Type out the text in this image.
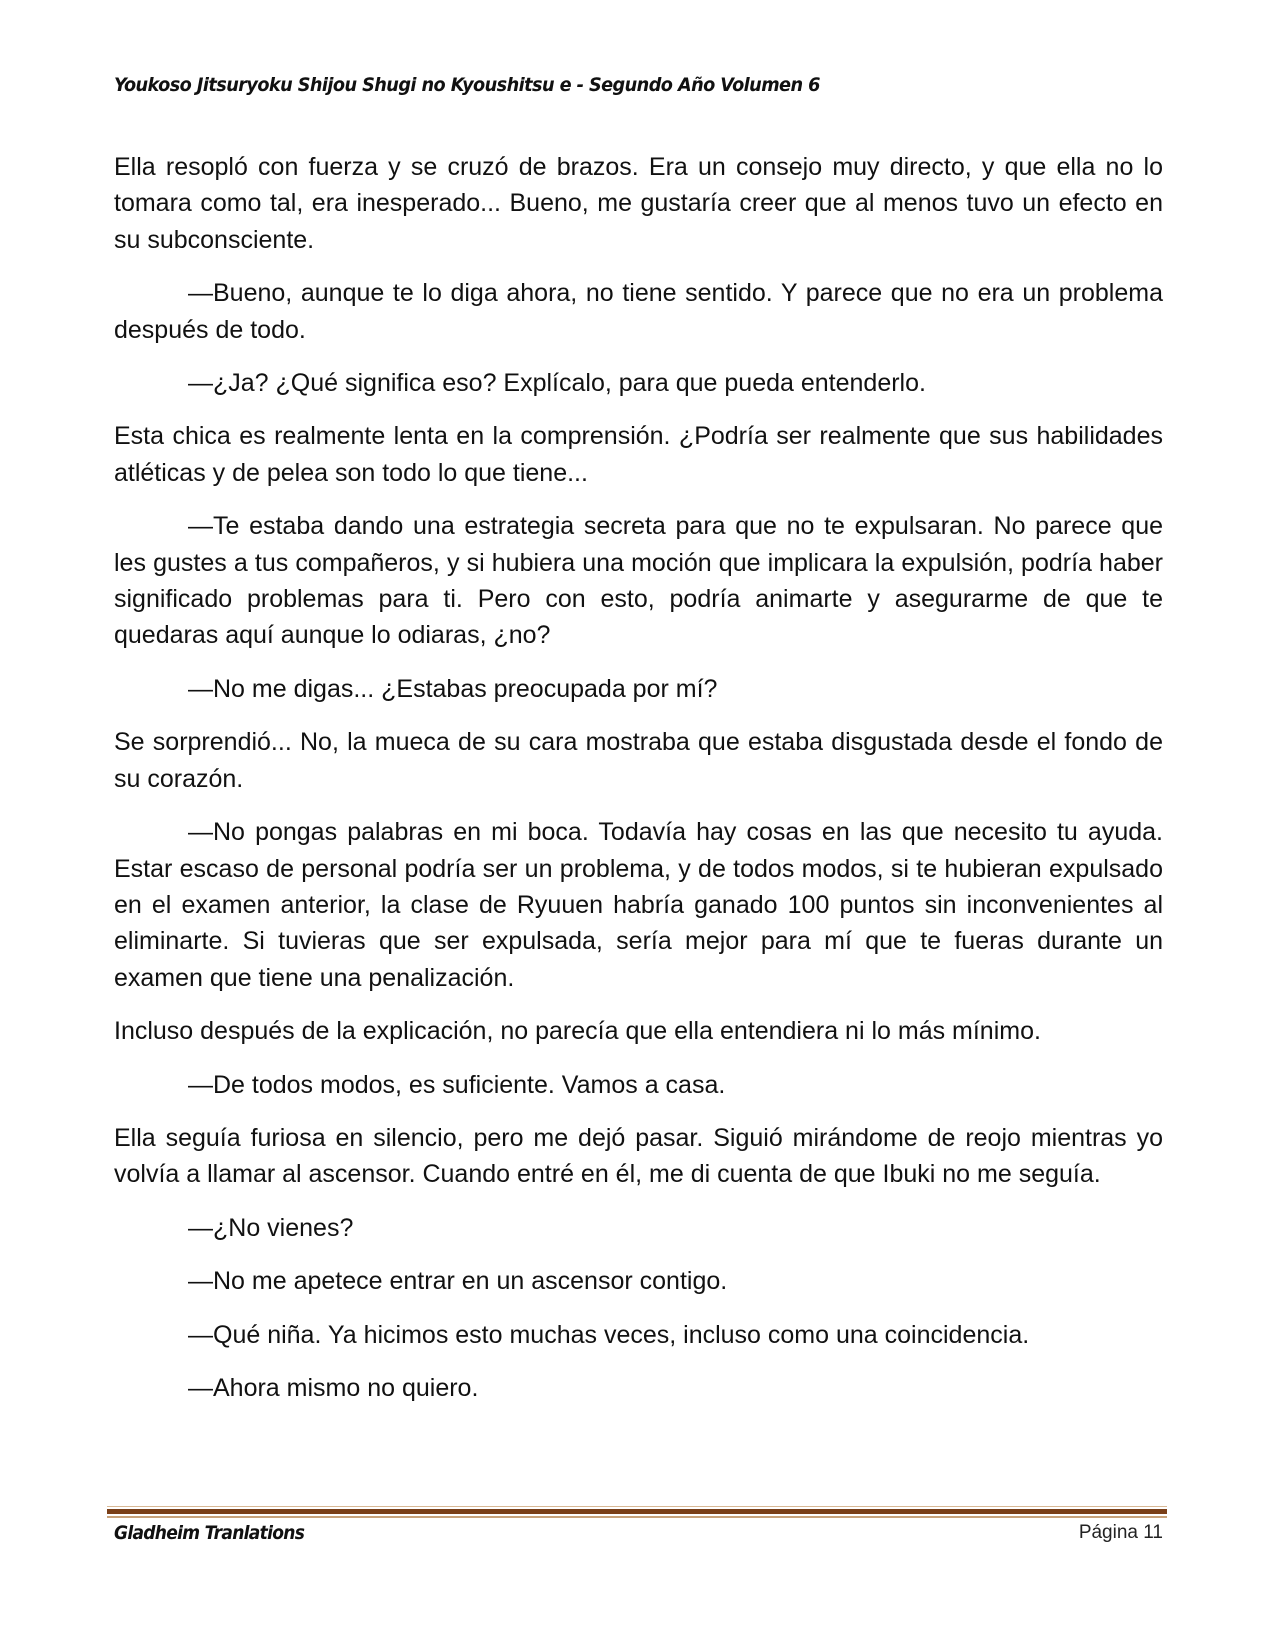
Youkoso Jitsuryoku Shijou Shugi no Kyoushitsu e - Segundo Año Volumen 6

Ella resopló con fuerza y se cruzó de brazos. Era un consejo muy directo, y que ella no lo tomara como tal, era inesperado... Bueno, me gustaría creer que al menos tuvo un efecto en su subconsciente.

—Bueno, aunque te lo diga ahora, no tiene sentido. Y parece que no era un problema después de todo.

—¿Ja? ¿Qué significa eso? Explícalo, para que pueda entenderlo.

Esta chica es realmente lenta en la comprensión. ¿Podría ser realmente que sus habilidades atléticas y de pelea son todo lo que tiene...

—Te estaba dando una estrategia secreta para que no te expulsaran. No parece que les gustes a tus compañeros, y si hubiera una moción que implicara la expulsión, podría haber significado problemas para ti. Pero con esto, podría animarte y asegurarme de que te quedaras aquí aunque lo odiaras, ¿no?

—No me digas... ¿Estabas preocupada por mí?

Se sorprendió... No, la mueca de su cara mostraba que estaba disgustada desde el fondo de su corazón.

—No pongas palabras en mi boca. Todavía hay cosas en las que necesito tu ayuda. Estar escaso de personal podría ser un problema, y de todos modos, si te hubieran expulsado en el examen anterior, la clase de Ryuuen habría ganado 100 puntos sin inconvenientes al eliminarte. Si tuvieras que ser expulsada, sería mejor para mí que te fueras durante un examen que tiene una penalización.

Incluso después de la explicación, no parecía que ella entendiera ni lo más mínimo.

—De todos modos, es suficiente. Vamos a casa.

Ella seguía furiosa en silencio, pero me dejó pasar. Siguió mirándome de reojo mientras yo volvía a llamar al ascensor. Cuando entré en él, me di cuenta de que Ibuki no me seguía.

—¿No vienes?

—No me apetece entrar en un ascensor contigo.

—Qué niña. Ya hicimos esto muchas veces, incluso como una coincidencia.

—Ahora mismo no quiero.

Gladheim Tranlations	Página 11
